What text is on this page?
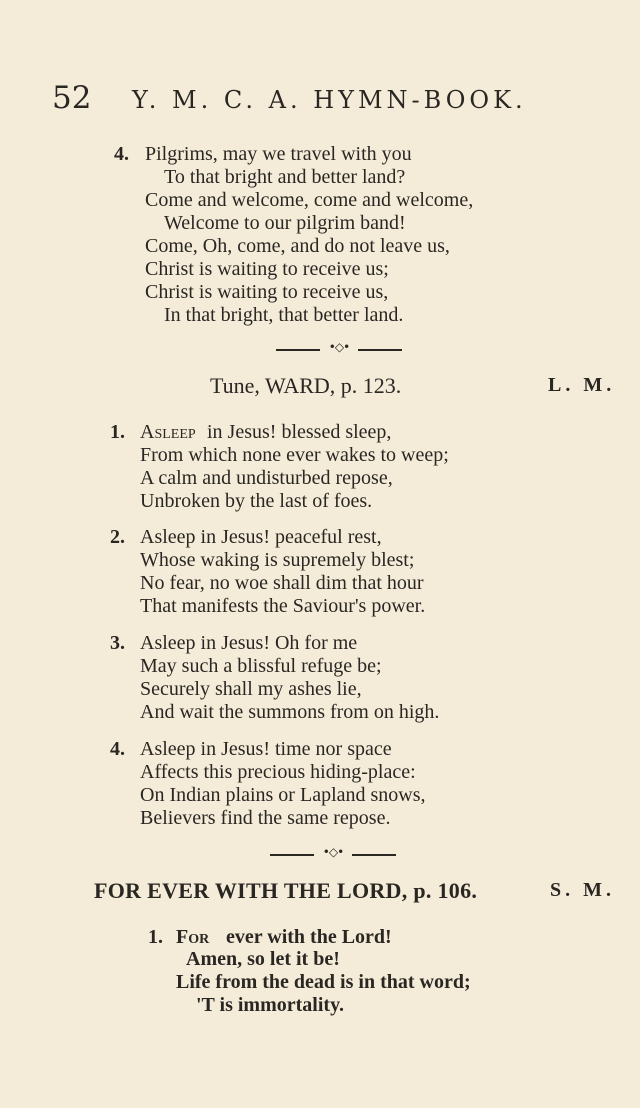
52 Y. M. C. A. HYMN-BOOK.
4. Pilgrims, may we travel with you
To that bright and better land?
Come and welcome, come and welcome,
Welcome to our pilgrim band!
Come, Oh, come, and do not leave us,
Christ is waiting to receive us;
Christ is waiting to receive us,
In that bright, that better land.
•◇•
Tune, WARD, p. 123.	L. M.
1. Asleep in Jesus! blessed sleep,
From which none ever wakes to weep;
A calm and undisturbed repose,
Unbroken by the last of foes.
2. Asleep in Jesus! peaceful rest,
Whose waking is supremely blest;
No fear, no woe shall dim that hour
That manifests the Saviour's power.
3. Asleep in Jesus! Oh for me
May such a blissful refuge be;
Securely shall my ashes lie,
And wait the summons from on high.
4. Asleep in Jesus! time nor space
Affects this precious hiding-place:
On Indian plains or Lapland snows,
Believers find the same repose.
•◇•
FOR EVER WITH THE LORD, p. 106.	S. M.
1. For ever with the Lord!
Amen, so let it be!
Life from the dead is in that word;
'T is immortality.
